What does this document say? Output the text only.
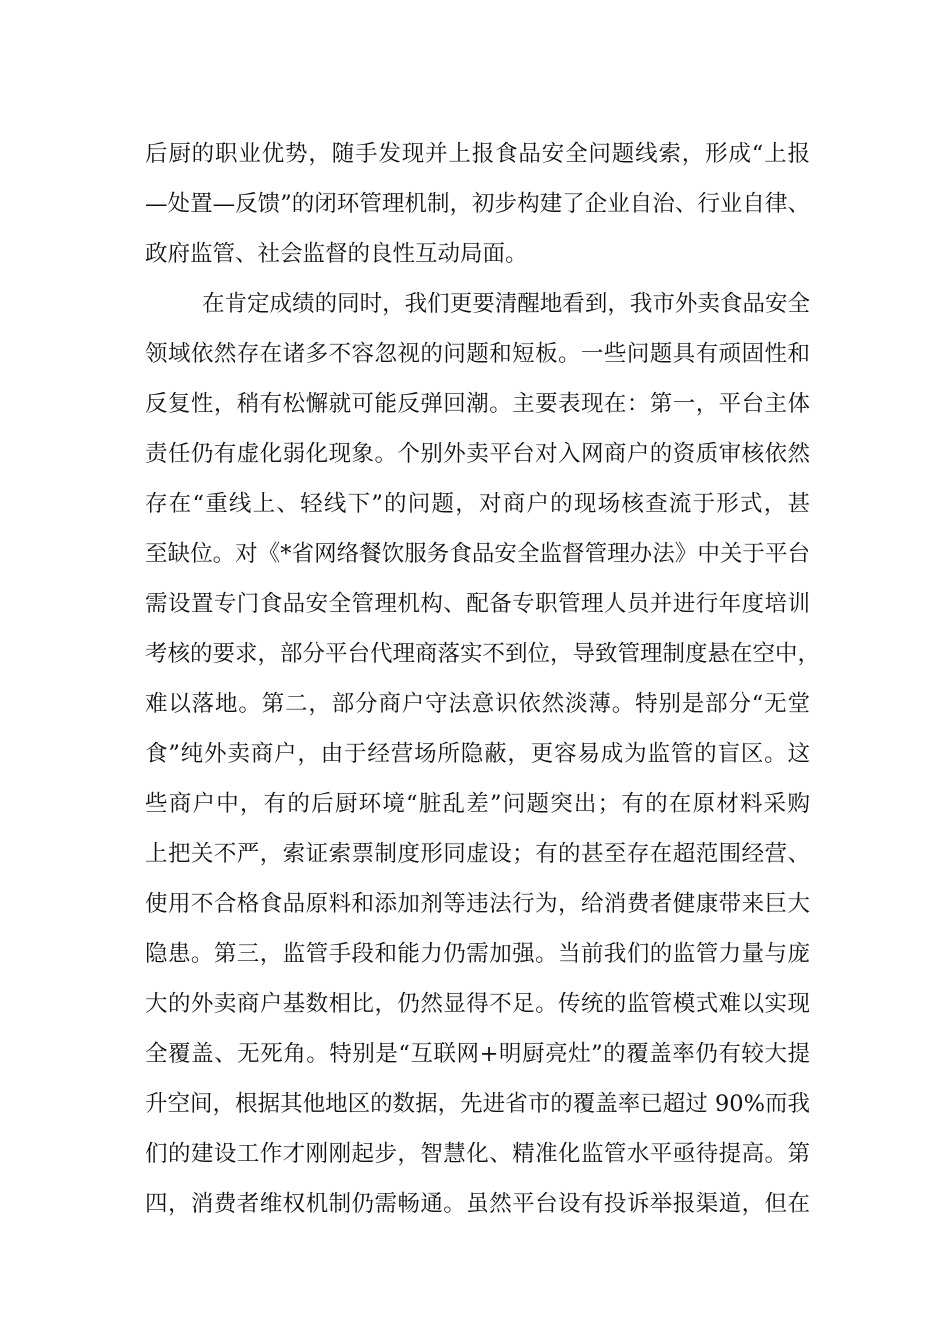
后厨的职业优势，随手发现并上报食品安全问题线索，形成“上报
—处置—反馈”的闭环管理机制，初步构建了企业自治、行业自律、
政府监管、社会监督的良性互动局面。
在肯定成绩的同时，我们更要清醒地看到，我市外卖食品安全
领域依然存在诸多不容忽视的问题和短板。一些问题具有顽固性和
反复性，稍有松懈就可能反弹回潮。主要表现在：第一，平台主体
责任仍有虚化弱化现象。个别外卖平台对入网商户的资质审核依然
存在“重线上、轻线下”的问题，对商户的现场核查流于形式，甚
至缺位。对《*省网络餐饮服务食品安全监督管理办法》中关于平台
需设置专门食品安全管理机构、配备专职管理人员并进行年度培训
考核的要求，部分平台代理商落实不到位，导致管理制度悬在空中，
难以落地。第二，部分商户守法意识依然淡薄。特别是部分“无堂
食”纯外卖商户，由于经营场所隐蔽，更容易成为监管的盲区。这
些商户中，有的后厨环境“脏乱差”问题突出；有的在原材料采购
上把关不严，索证索票制度形同虚设；有的甚至存在超范围经营、
使用不合格食品原料和添加剂等违法行为，给消费者健康带来巨大
隐患。第三，监管手段和能力仍需加强。当前我们的监管力量与庞
大的外卖商户基数相比，仍然显得不足。传统的监管模式难以实现
全覆盖、无死角。特别是“互联网+明厨亮灶”的覆盖率仍有较大提
升空间，根据其他地区的数据，先进省市的覆盖率已超过 90%而我
们的建设工作才刚刚起步，智慧化、精准化监管水平亟待提高。第
四，消费者维权机制仍需畅通。虽然平台设有投诉举报渠道，但在
